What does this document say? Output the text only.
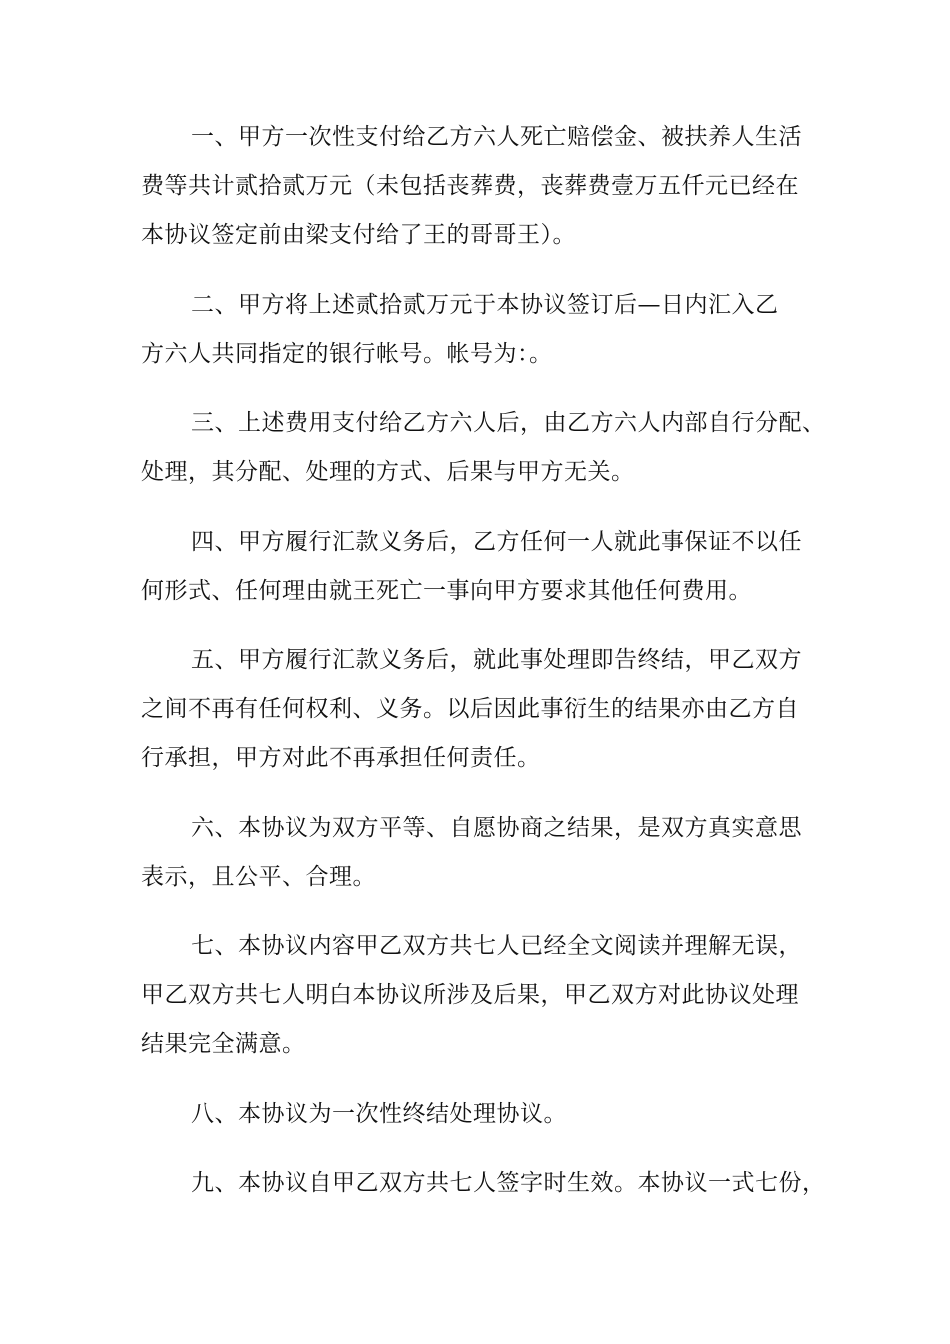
一、甲方一次性支付给乙方六人死亡赔偿金、被扶养人生活
费等共计贰拾贰万元（未包括丧葬费，丧葬费壹万五仟元已经在
本协议签定前由梁支付给了王的哥哥王）。
二、甲方将上述贰拾贰万元于本协议签订后—日内汇入乙
方六人共同指定的银行帐号。帐号为：。
三、上述费用支付给乙方六人后，由乙方六人内部自行分配、
处理，其分配、处理的方式、后果与甲方无关。
四、甲方履行汇款义务后，乙方任何一人就此事保证不以任
何形式、任何理由就王死亡一事向甲方要求其他任何费用。
五、甲方履行汇款义务后，就此事处理即告终结，甲乙双方
之间不再有任何权利、义务。以后因此事衍生的结果亦由乙方自
行承担，甲方对此不再承担任何责任。
六、本协议为双方平等、自愿协商之结果，是双方真实意思
表示，且公平、合理。
七、本协议内容甲乙双方共七人已经全文阅读并理解无误，
甲乙双方共七人明白本协议所涉及后果，甲乙双方对此协议处理
结果完全满意。
八、本协议为一次性终结处理协议。
九、本协议自甲乙双方共七人签字时生效。本协议一式七份，
